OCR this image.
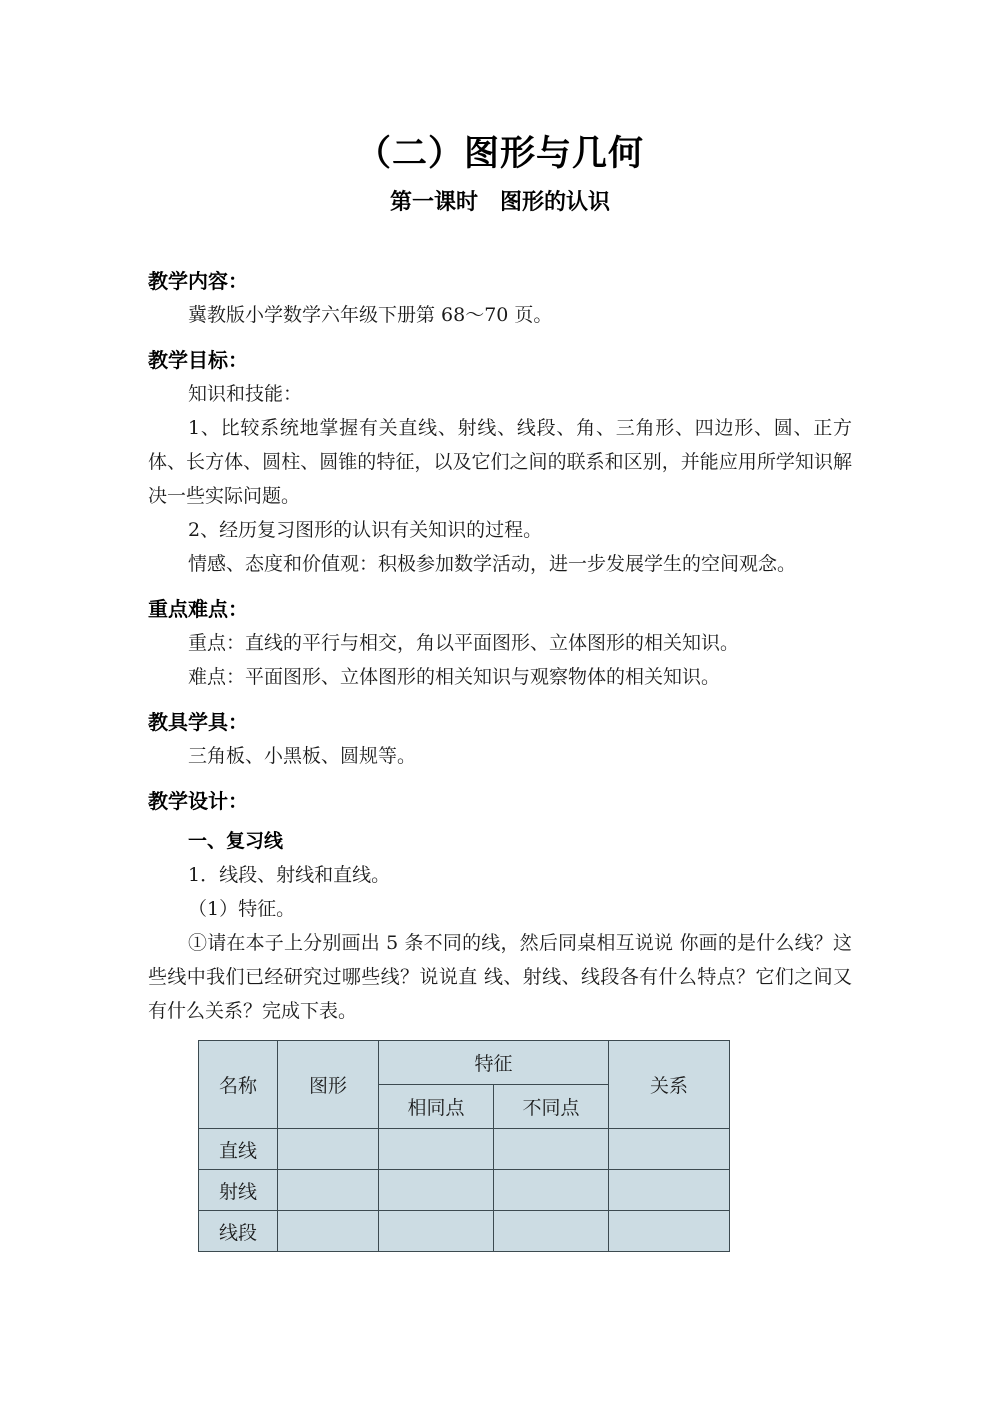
（二）图形与几何
第一课时　图形的认识
教学内容：

冀教版小学数学六年级下册第 68〜70 页。

教学目标：

知识和技能：

1、比较系统地掌握有关直线、射线、线段、角、三角形、四边形、圆、正方体、长方体、圆柱、圆锥的特征，以及它们之间的联系和区别，并能应用所学知识解决一些实际问题。

2、经历复习图形的认识有关知识的过程。

情感、态度和价值观：积极参加数学活动，进一步发展学生的空间观念。

重点难点：

重点：直线的平行与相交，角以平面图形、立体图形的相关知识。

难点：平面图形、立体图形的相关知识与观察物体的相关知识。

教具学具：

三角板、小黑板、圆规等。

教学设计：
一、复习线

1．线段、射线和直线。

（1）特征。

①请在本子上分别画出 5 条不同的线，然后同桌相互说说 你画的是什么线？这些线中我们已经研究过哪些线？说说直 线、射线、线段各有什么特点？它们之间又有什么关系？完成下表。

名称	图形	特征		关系
		相同点	不同点	
直线				
射线				
线段				
